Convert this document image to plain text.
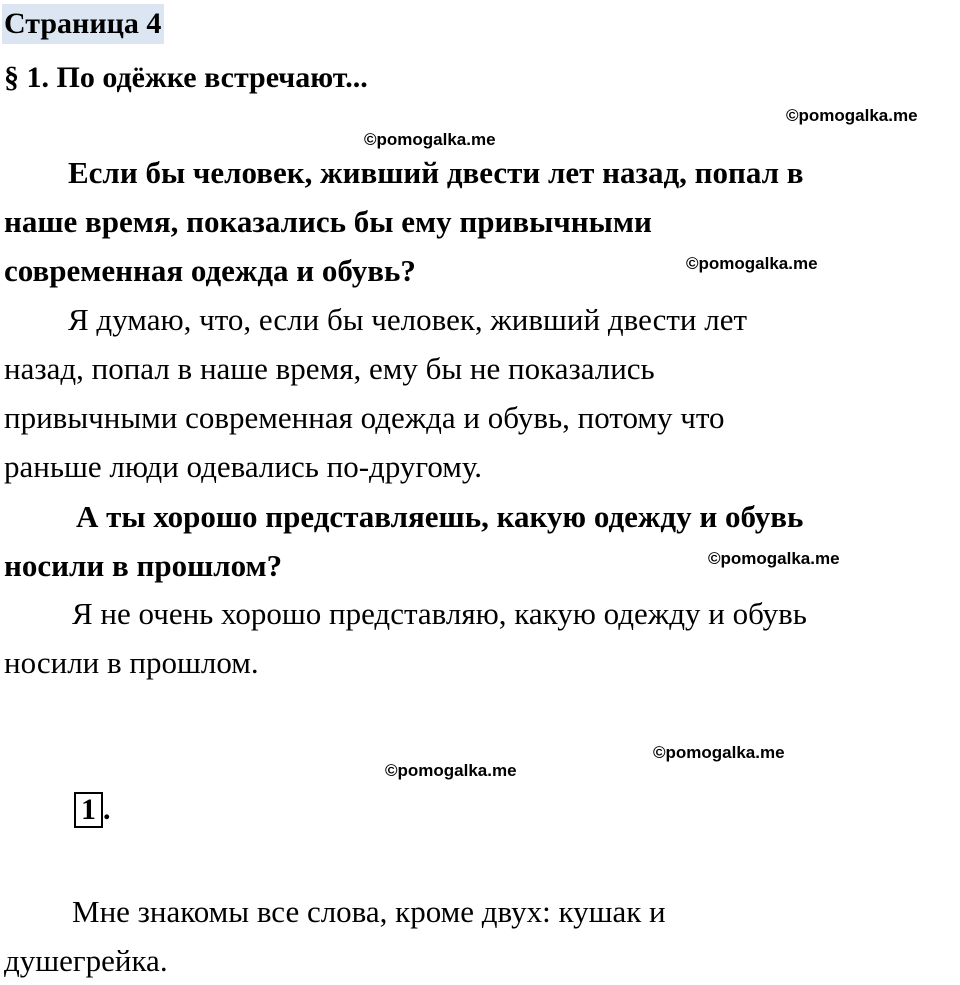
Страница 4
§ 1. По одёжке встречают...
©pomogalka.me
©pomogalka.me
Если бы человек, живший двести лет назад, попал в
наше время, показались бы ему привычными
современная одежда и обувь?	©pomogalka.me
Я думаю, что, если бы человек, живший двести лет
назад, попал в наше время, ему бы не показались
привычными современная одежда и обувь, потому что
раньше люди одевались по-другому.
А ты хорошо представляешь, какую одежду и обувь
носили в прошлом?	©pomogalka.me
Я не очень хорошо представляю, какую одежду и обувь
носили в прошлом.
©pomogalka.me
©pomogalka.me
1 .
Мне знакомы все слова, кроме двух: кушак и
душегрейка.
